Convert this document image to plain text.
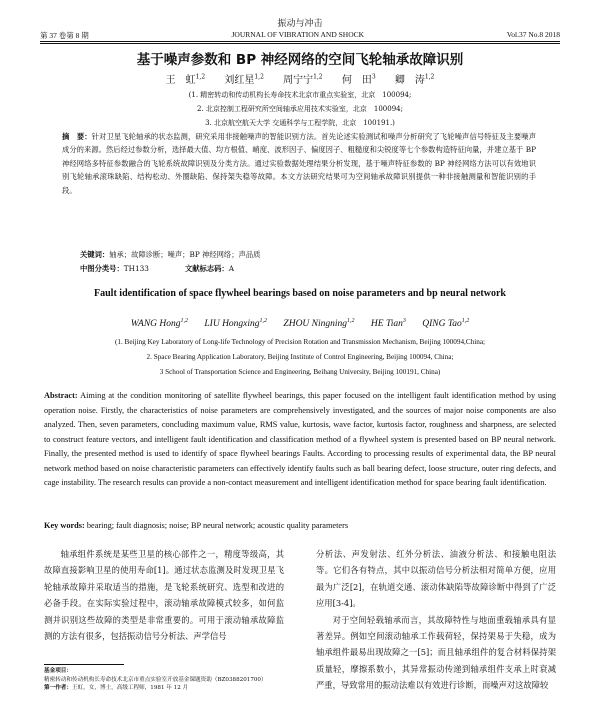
振动与冲击
第 37 卷第 8 期	JOURNAL OF VIBRATION AND SHOCK	Vol.37 No.8 2018
基于噪声参数和 BP 神经网络的空间飞轮轴承故障识别
王　虹$^{1,2}$ 刘红星$^{1,2}$ 周宁宁$^{1,2}$ 何　田$^3$ 卿　涛$^{1,2}$
(1. 精密转动和传动机构长寿命技术北京市重点实验室，北京　100094;
2. 北京控制工程研究所空间轴承应用技术实验室，北京　100094;
3. 北京航空航天大学 交通科学与工程学院，北京　100191.)
摘　要：针对卫星飞轮轴承的状态监测，研究采用非接触噪声的智能识别方法。首先论述实验测试和噪声分析研究了飞轮噪声信号特征及主要噪声成分的来源。然后经过参数分析，选择最大值、均方根值、峭度、波形因子、偏度因子、粗糙度和尖锐度等七个参数构造特征向量，并建立基于 BP 神经网络多特征参数融合的飞轮系统故障识别及分类方法。通过实验数据处理结果分析发现，基于噪声特征参数的 BP 神经网络方法可以有效地识别飞轮轴承滚珠缺陷、结构松动、外圈缺陷、保持架失稳等故障。本文方法研究结果可为空间轴承故障识别提供一种非接触测量和智能识别的手段。
关键词：轴承；故障诊断；噪声；BP 神经网络；声品质
中图分类号：TH133	文献标志码：A
Fault identification of space flywheel bearings based on noise parameters and bp neural network
WANG Hong$^{1,2}$ LIU Hongxing$^{1,2}$ ZHOU Ningning$^{1,2}$ HE Tian$^3$ QING Tao$^{1,2}$
(1. Beijing Key Laboratory of Long-life Technology of Precision Rotation and Transmission Mechanism, Beijing 100094,China;
2. Space Bearing Application Laboratory, Beijing Institute of Control Engineering, Beijing 100094, China;
3 School of Transportation Science and Engineering, Beihang University, Beijing 100191, China)
Abstract: Aiming at the condition monitoring of satellite flywheel bearings, this paper focused on the intelligent fault identification method by using operation noise. Firstly, the characteristics of noise parameters are comprehensively investigated, and the sources of major noise components are also analyzed. Then, seven parameters, concluding maximum value, RMS value, kurtosis, wave factor, kurtosis factor, roughness and sharpness, are selected to construct feature vectors, and intelligent fault identification and classification method of a flywheel system is presented based on BP neural network. Finally, the presented method is used to identify of space flywheel bearings Faults. According to processing results of experimental data, the BP neural network method based on noise characteristic parameters can effectively identify faults such as ball bearing defect, loose structure, outer ring defects, and cage instability. The research results can provide a non-contact measurement and intelligent identification method for space bearing fault identification.
Key words: bearing; fault diagnosis; noise; BP neural network; acoustic quality parameters

轴承组件系统是某些卫星的核心部件之一，精度等级高，其故障直接影响卫星的使用寿命[1]。通过状态监测及时发现卫星飞轮轴承故障并采取适当的措施，是飞轮系统研究、选型和改进的必备手段。在实际实验过程中，滚动轴承故障模式较多，如何监测并识别这些故障的类型是非常重要的。可用于滚动轴承故障监测的方法有很多，包括振动信号分析法、声学信号

分析法、声发射法、红外分析法、油液分析法、和接触电阻法等。它们各有特点，其中以振动信号分析法相对简单方便，应用最为广泛[2]，在轨道交通、滚动体缺陷等故障诊断中得到了广泛应用[3-4]。

对于空间轻载轴承而言，其故障特性与地面重载轴承具有显著差异。例如空间滚动轴承工作载荷轻，保持架易于失稳，成为轴承组件最易出现故障之一[5]；而且轴承组件的复合材料保持架质量轻，摩擦系数小，其异常振动传递到轴承组件支承上时衰减严重，导致常用的振动法难以有效进行诊断，而噪声对这故障较

基金项目：精密转动和传动机构长寿命技术北京市重点实验室开放基金课题资助（BZ0388201700）
第一作者：王虹，女，博士，高级工程师，1981 年 12 月
